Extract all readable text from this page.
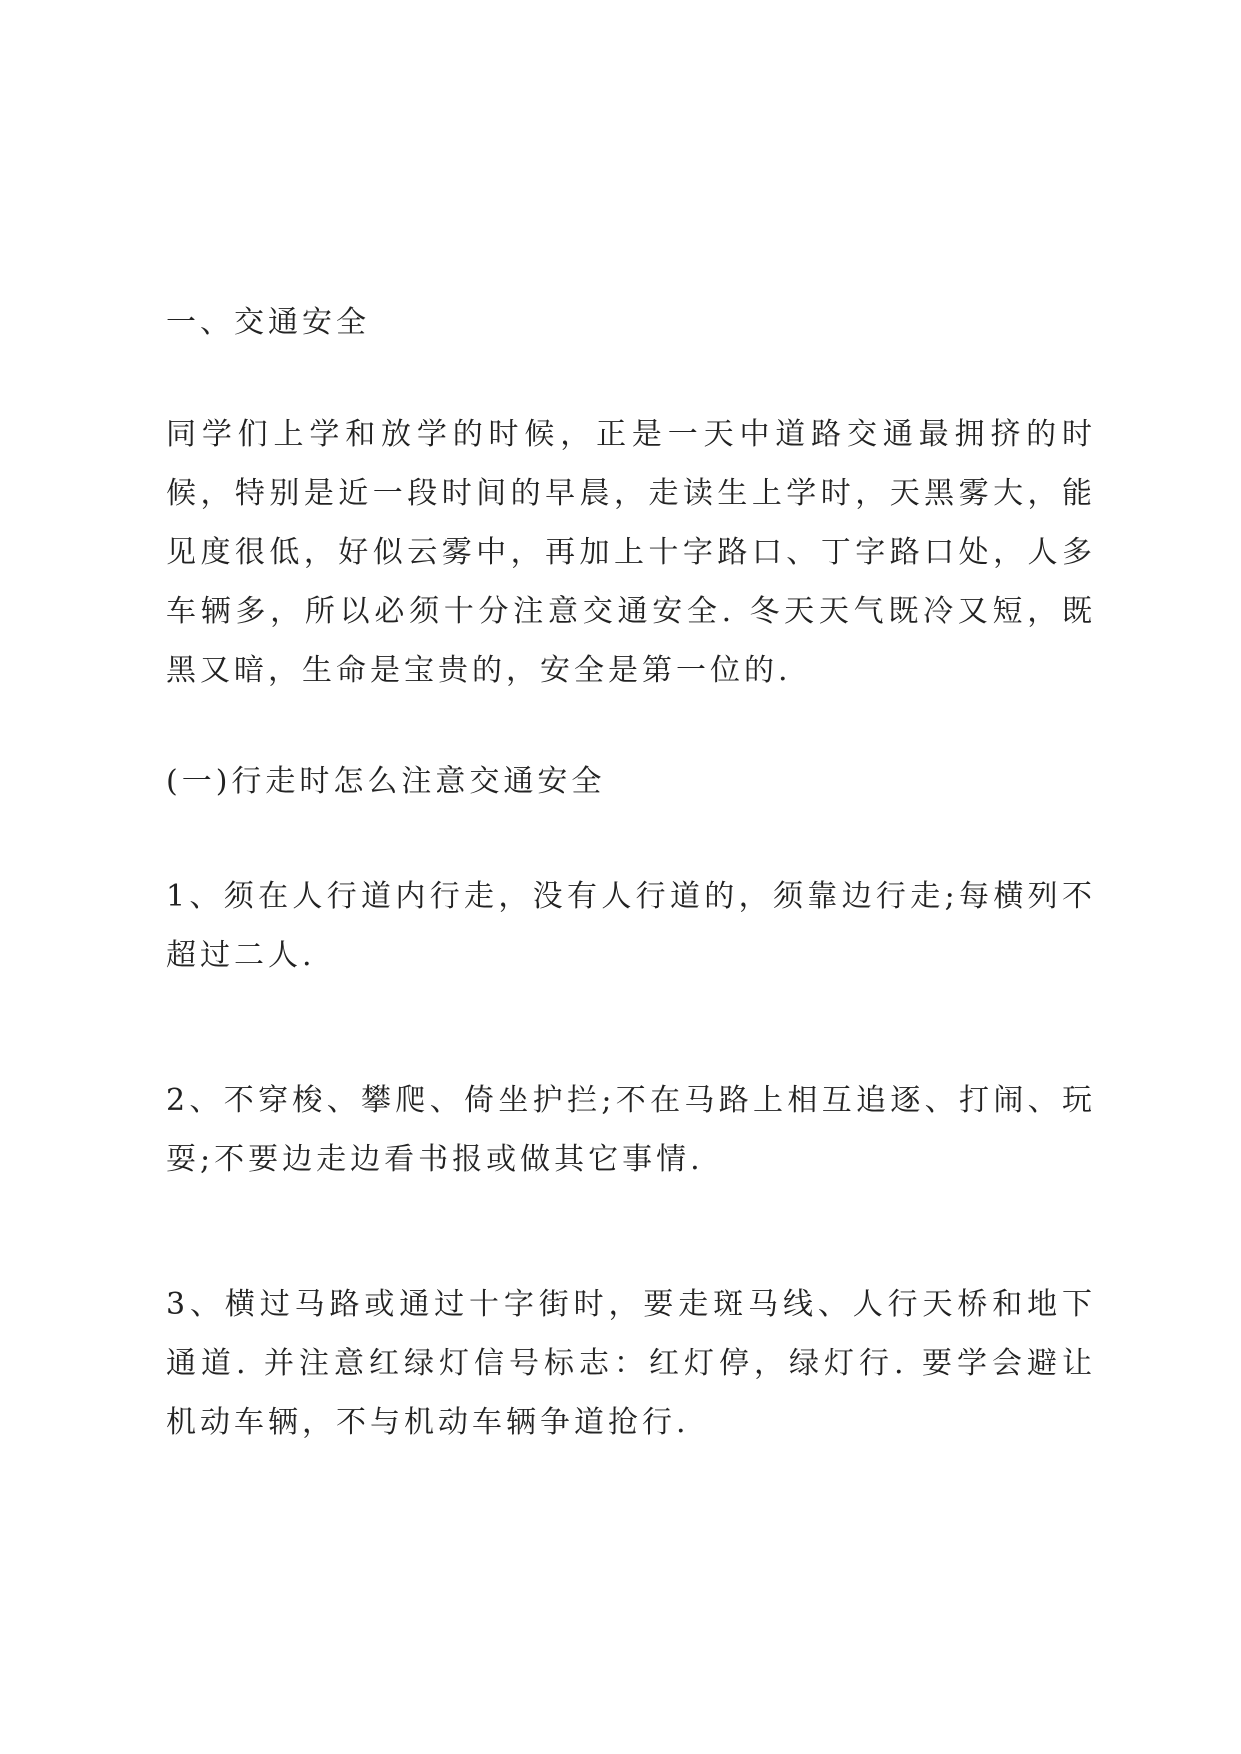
一、交通安全

同学们上学和放学的时候，正是一天中道路交通最拥挤的时候，特别是近一段时间的早晨，走读生上学时，天黑雾大，能见度很低，好似云雾中，再加上十字路口、丁字路口处，人多车辆多，所以必须十分注意交通安全. 冬天天气既冷又短，既黑又暗，生命是宝贵的，安全是第一位的.

(一)行走时怎么注意交通安全

1、须在人行道内行走，没有人行道的，须靠边行走;每横列不超过二人.

2、不穿梭、攀爬、倚坐护拦;不在马路上相互追逐、打闹、玩耍;不要边走边看书报或做其它事情.

3、横过马路或通过十字街时，要走斑马线、人行天桥和地下通道. 并注意红绿灯信号标志：红灯停，绿灯行. 要学会避让机动车辆，不与机动车辆争道抢行.
